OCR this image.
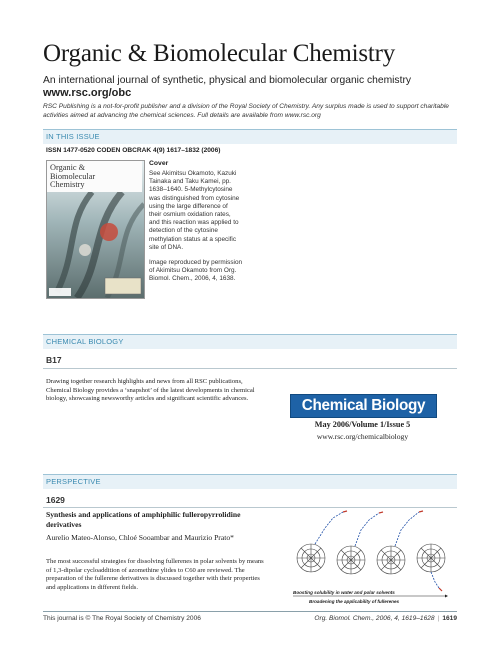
Organic & Biomolecular Chemistry
An international journal of synthetic, physical and biomolecular organic chemistry
www.rsc.org/obc
RSC Publishing is a not-for-profit publisher and a division of the Royal Society of Chemistry. Any surplus made is used to support charitable activities aimed at advancing the chemical sciences. Full details are available from www.rsc.org
IN THIS ISSUE
ISSN 1477-0520 CODEN OBCRAK 4(9) 1617–1832 (2006)
Organic &
Biomolecular
Chemistry
Cover
See Akimitsu Okamoto, Kazuki Tainaka and Taku Kamei, pp. 1638–1640. 5-Methylcytosine was distinguished from cytosine using the large difference of their osmium oxidation rates, and this reaction was applied to detection of the cytosine methylation status at a specific site of DNA.
Image reproduced by permission of Akimitsu Okamoto from Org. Biomol. Chem., 2006, 4, 1638.
CHEMICAL BIOLOGY
B17
Drawing together research highlights and news from all RSC publications, Chemical Biology provides a ‘snapshot’ of the latest developments in chemical biology, showcasing newsworthy articles and significant scientific advances.	Chemical Biology
May 2006/Volume 1/Issue 5
www.rsc.org/chemicalbiology
PERSPECTIVE
1629
Synthesis and applications of amphiphilic fulleropyrrolidine derivatives
Aurelio Mateo-Alonso, Chloé Sooambar and Maurizio Prato*
The most successful strategies for dissolving fullerenes in polar solvents by means of 1,3-dipolar cycloaddition of azomethine ylides to C60 are reviewed. The preparation of the fullerene derivatives is discussed together with their properties and applications in different fields.
Boosting solubility in water and polar solvents
Broadening the applicability of fullerenes
This journal is © The Royal Society of Chemistry 2006	Org. Biomol. Chem., 2006, 4, 1619–1628 | 1619
